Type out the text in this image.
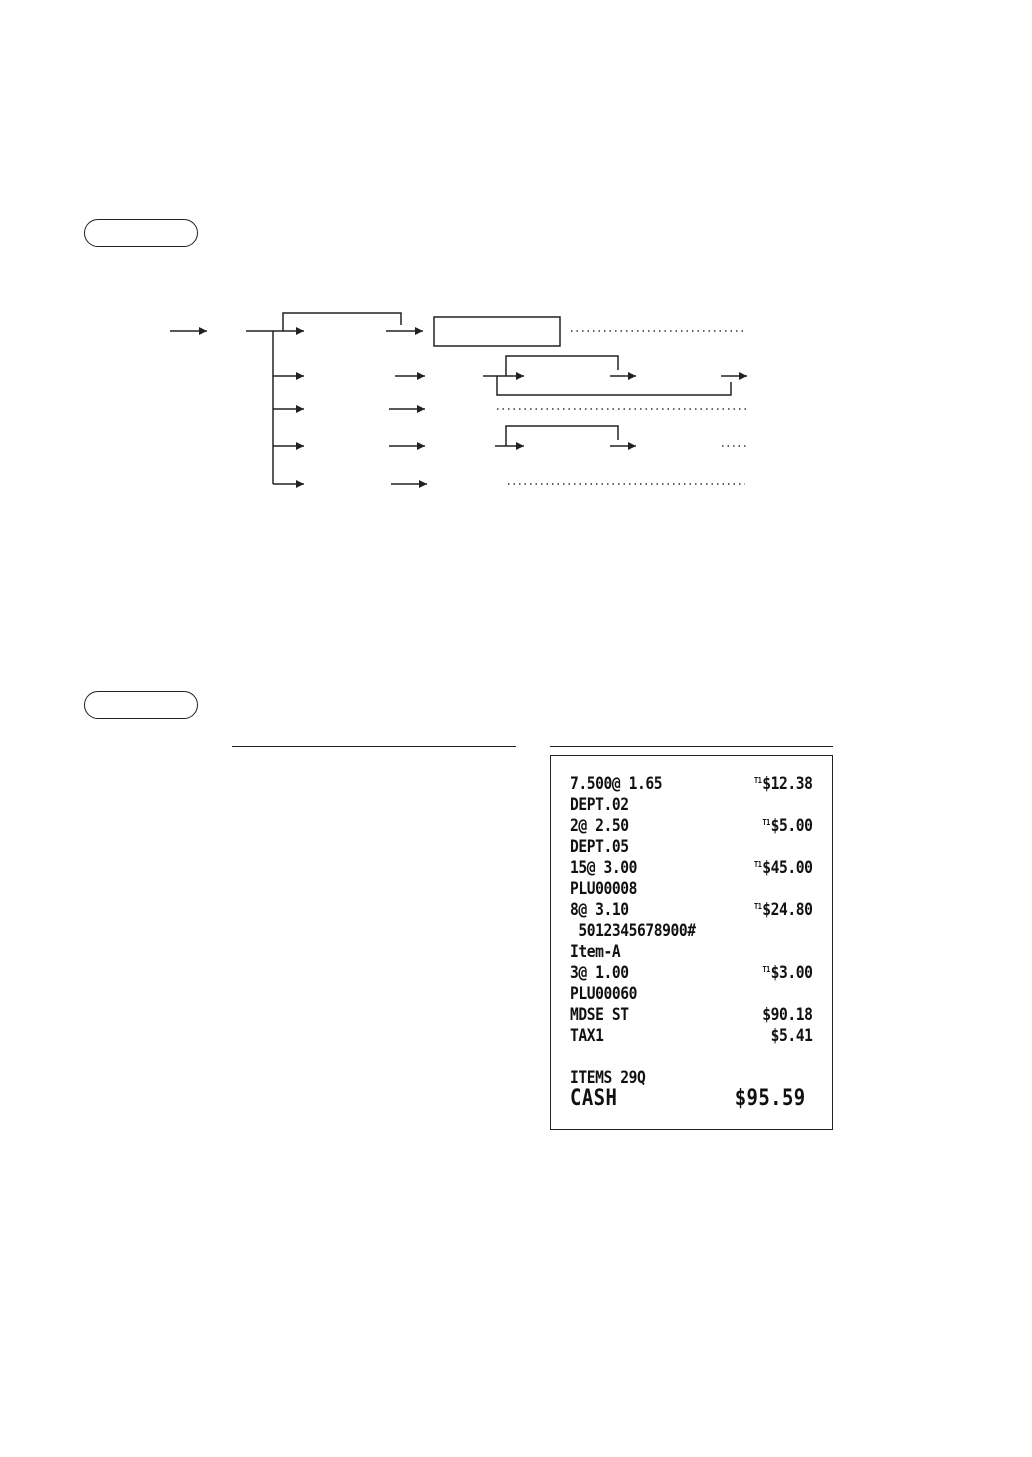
7.500@ 1.65	$^{T1}$\$12.38
DEPT.02
2@ 2.50	$^{T1}$\$5.00
DEPT.05
15@ 3.00	$^{T1}$\$45.00
PLU00008
8@ 3.10	$^{T1}$\$24.80
5012345678900#
Item-A
3@ 1.00	$^{T1}$\$3.00
PLU00060
MDSE ST	$90.18
TAX1	$5.41
ITEMS 29Q
CASH	$95.59
